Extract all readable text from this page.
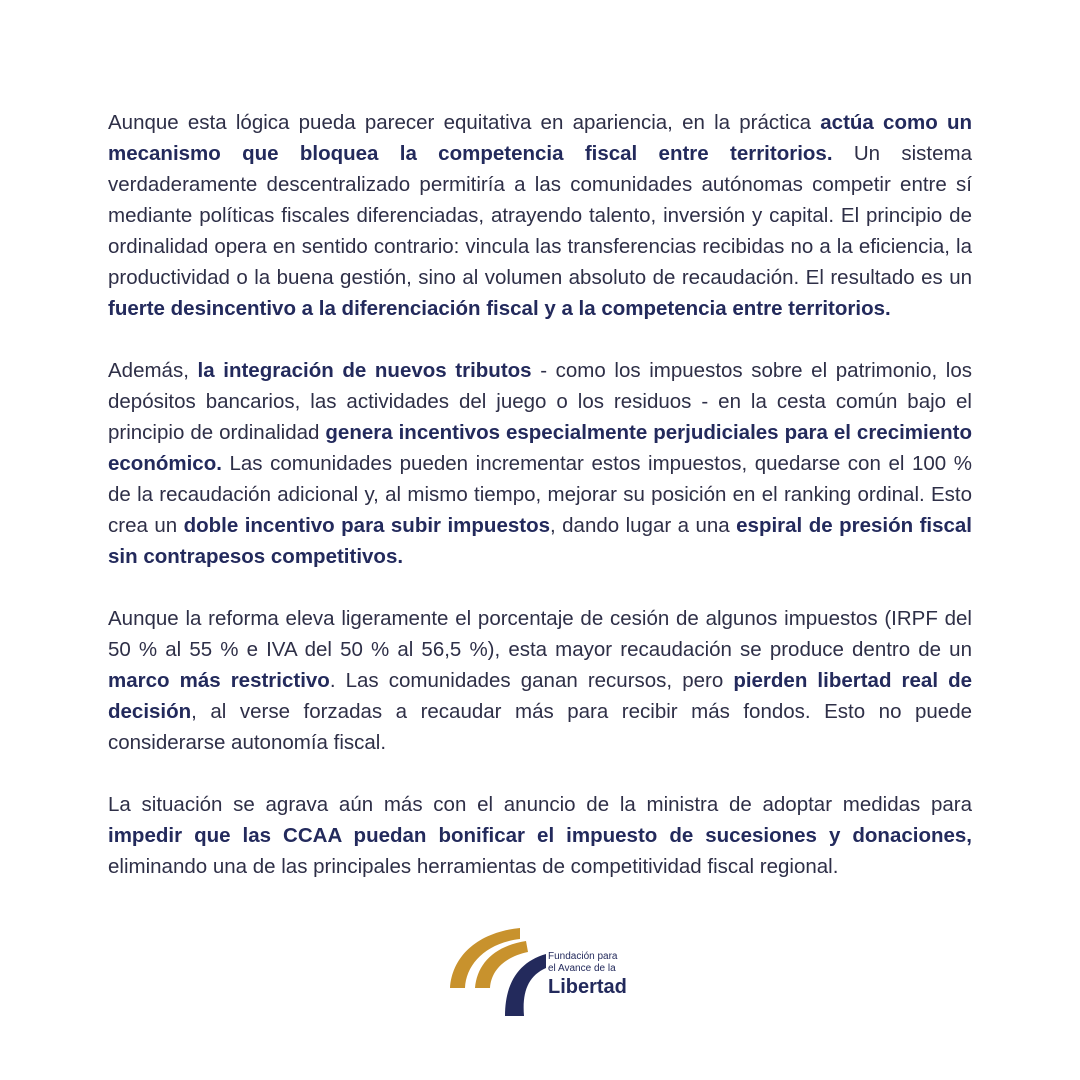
Aunque esta lógica pueda parecer equitativa en apariencia, en la práctica actúa como un mecanismo que bloquea la competencia fiscal entre territorios. Un sistema verdaderamente descentralizado permitiría a las comunidades autónomas competir entre sí mediante políticas fiscales diferenciadas, atrayendo talento, inversión y capital. El principio de ordinalidad opera en sentido contrario: vincula las transferencias recibidas no a la eficiencia, la productividad o la buena gestión, sino al volumen absoluto de recaudación. El resultado es un fuerte desincentivo a la diferenciación fiscal y a la competencia entre territorios.

Además, la integración de nuevos tributos - como los impuestos sobre el patrimonio, los depósitos bancarios, las actividades del juego o los residuos - en la cesta común bajo el principio de ordinalidad genera incentivos especialmente perjudiciales para el crecimiento económico. Las comunidades pueden incrementar estos impuestos, quedarse con el 100 % de la recaudación adicional y, al mismo tiempo, mejorar su posición en el ranking ordinal. Esto crea un doble incentivo para subir impuestos, dando lugar a una espiral de presión fiscal sin contrapesos competitivos.

Aunque la reforma eleva ligeramente el porcentaje de cesión de algunos impuestos (IRPF del 50 % al 55 % e IVA del 50 % al 56,5 %), esta mayor recaudación se produce dentro de un marco más restrictivo. Las comunidades ganan recursos, pero pierden libertad real de decisión, al verse forzadas a recaudar más para recibir más fondos. Esto no puede considerarse autonomía fiscal.

La situación se agrava aún más con el anuncio de la ministra de adoptar medidas para impedir que las CCAA puedan bonificar el impuesto de sucesiones y donaciones, eliminando una de las principales herramientas de competitividad fiscal regional.

Fundación para
el Avance de la
Libertad
